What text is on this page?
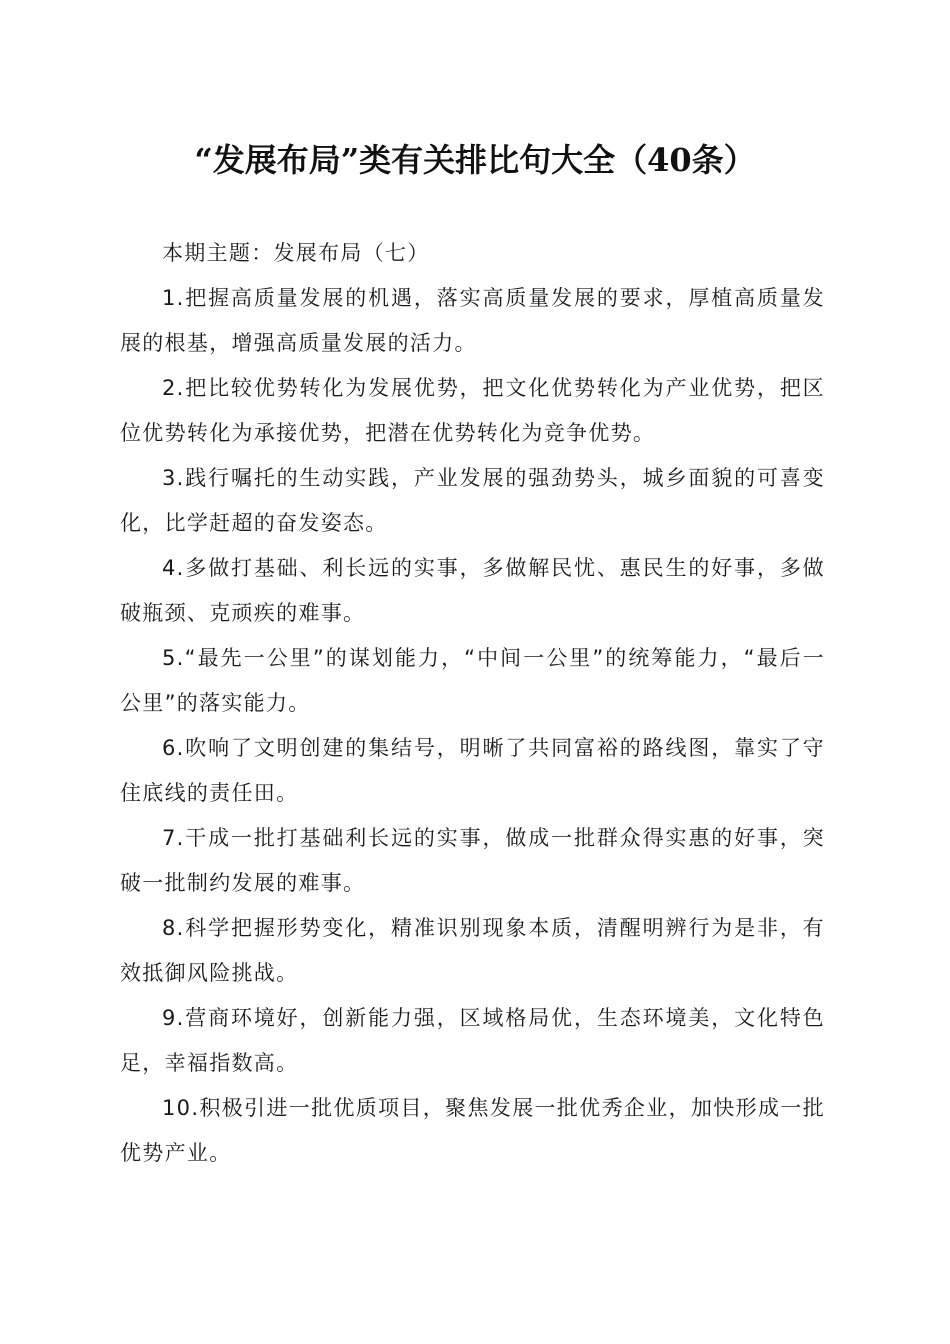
“发展布局”类有关排比句大全（40条）

本期主题：发展布局（七）

1.把握高质量发展的机遇，落实高质量发展的要求，厚植高质量发展的根基，增强高质量发展的活力。

2.把比较优势转化为发展优势，把文化优势转化为产业优势，把区位优势转化为承接优势，把潜在优势转化为竞争优势。

3.践行嘱托的生动实践，产业发展的强劲势头，城乡面貌的可喜变化，比学赶超的奋发姿态。

4.多做打基础、利长远的实事，多做解民忧、惠民生的好事，多做破瓶颈、克顽疾的难事。

5.“最先一公里”的谋划能力，“中间一公里”的统筹能力，“最后一公里”的落实能力。

6.吹响了文明创建的集结号，明晰了共同富裕的路线图，靠实了守住底线的责任田。

7.干成一批打基础利长远的实事，做成一批群众得实惠的好事，突破一批制约发展的难事。

8.科学把握形势变化，精准识别现象本质，清醒明辨行为是非，有效抵御风险挑战。

9.营商环境好，创新能力强，区域格局优，生态环境美，文化特色足，幸福指数高。

10.积极引进一批优质项目，聚焦发展一批优秀企业，加快形成一批优势产业。
